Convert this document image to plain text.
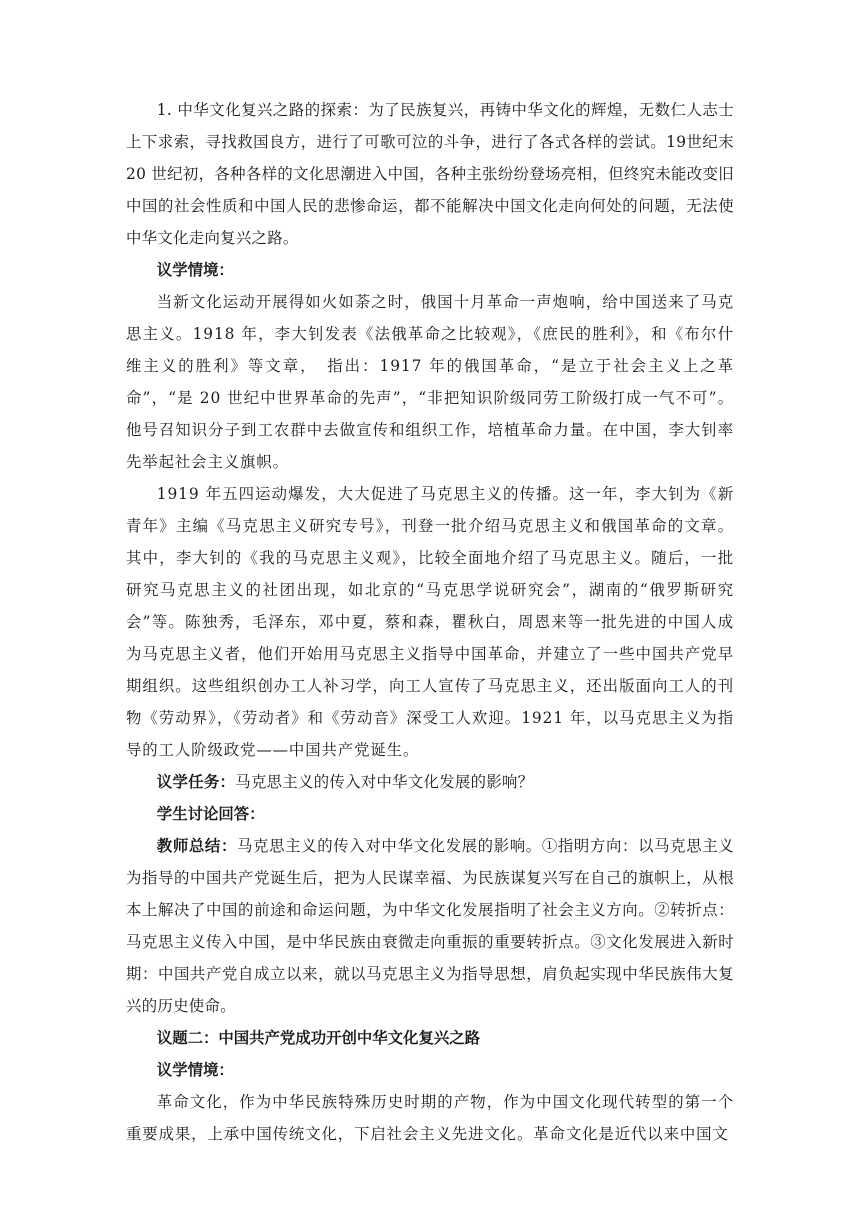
1. 中华文化复兴之路的探索：为了民族复兴，再铸中华文化的辉煌，无数仁人志士上下求索，寻找救国良方，进行了可歌可泣的斗争，进行了各式各样的尝试。19世纪末 20 世纪初，各种各样的文化思潮进入中国，各种主张纷纷登场亮相，但终究未能改变旧中国的社会性质和中国人民的悲惨命运，都不能解决中国文化走向何处的问题，无法使中华文化走向复兴之路。

议学情境：

当新文化运动开展得如火如荼之时，俄国十月革命一声炮响，给中国送来了马克思主义。1918 年，李大钊发表《法俄革命之比较观》，《庶民的胜利》，和《布尔什维主义的胜利》等文章，　指出：1917 年的俄国革命，“是立于社会主义上之革命”，“是 20 世纪中世界革命的先声”，“非把知识阶级同劳工阶级打成一气不可”。他号召知识分子到工农群中去做宣传和组织工作，培植革命力量。在中国，李大钊率先举起社会主义旗帜。

1919 年五四运动爆发，大大促进了马克思主义的传播。这一年，李大钊为《新青年》主编《马克思主义研究专号》，刊登一批介绍马克思主义和俄国革命的文章。其中，李大钊的《我的马克思主义观》，比较全面地介绍了马克思主义。随后，一批研究马克思主义的社团出现，如北京的“马克思学说研究会”，湖南的“俄罗斯研究会”等。陈独秀，毛泽东，邓中夏，蔡和森，瞿秋白，周恩来等一批先进的中国人成为马克思主义者，他们开始用马克思主义指导中国革命，并建立了一些中国共产党早期组织。这些组织创办工人补习学，向工人宣传了马克思主义，还出版面向工人的刊物《劳动界》，《劳动者》和《劳动音》深受工人欢迎。1921 年，以马克思主义为指导的工人阶级政党——中国共产党诞生。

议学任务：马克思主义的传入对中华文化发展的影响？

学生讨论回答：

教师总结：马克思主义的传入对中华文化发展的影响。①指明方向：以马克思主义为指导的中国共产党诞生后，把为人民谋幸福、为民族谋复兴写在自己的旗帜上，从根本上解决了中国的前途和命运问题，为中华文化发展指明了社会主义方向。②转折点：马克思主义传入中国，是中华民族由衰微走向重振的重要转折点。③文化发展进入新时期：中国共产党自成立以来，就以马克思主义为指导思想，肩负起实现中华民族伟大复兴的历史使命。

议题二：中国共产党成功开创中华文化复兴之路

议学情境：

革命文化，作为中华民族特殊历史时期的产物，作为中国文化现代转型的第一个重要成果，上承中国传统文化，下启社会主义先进文化。革命文化是近代以来中国文
